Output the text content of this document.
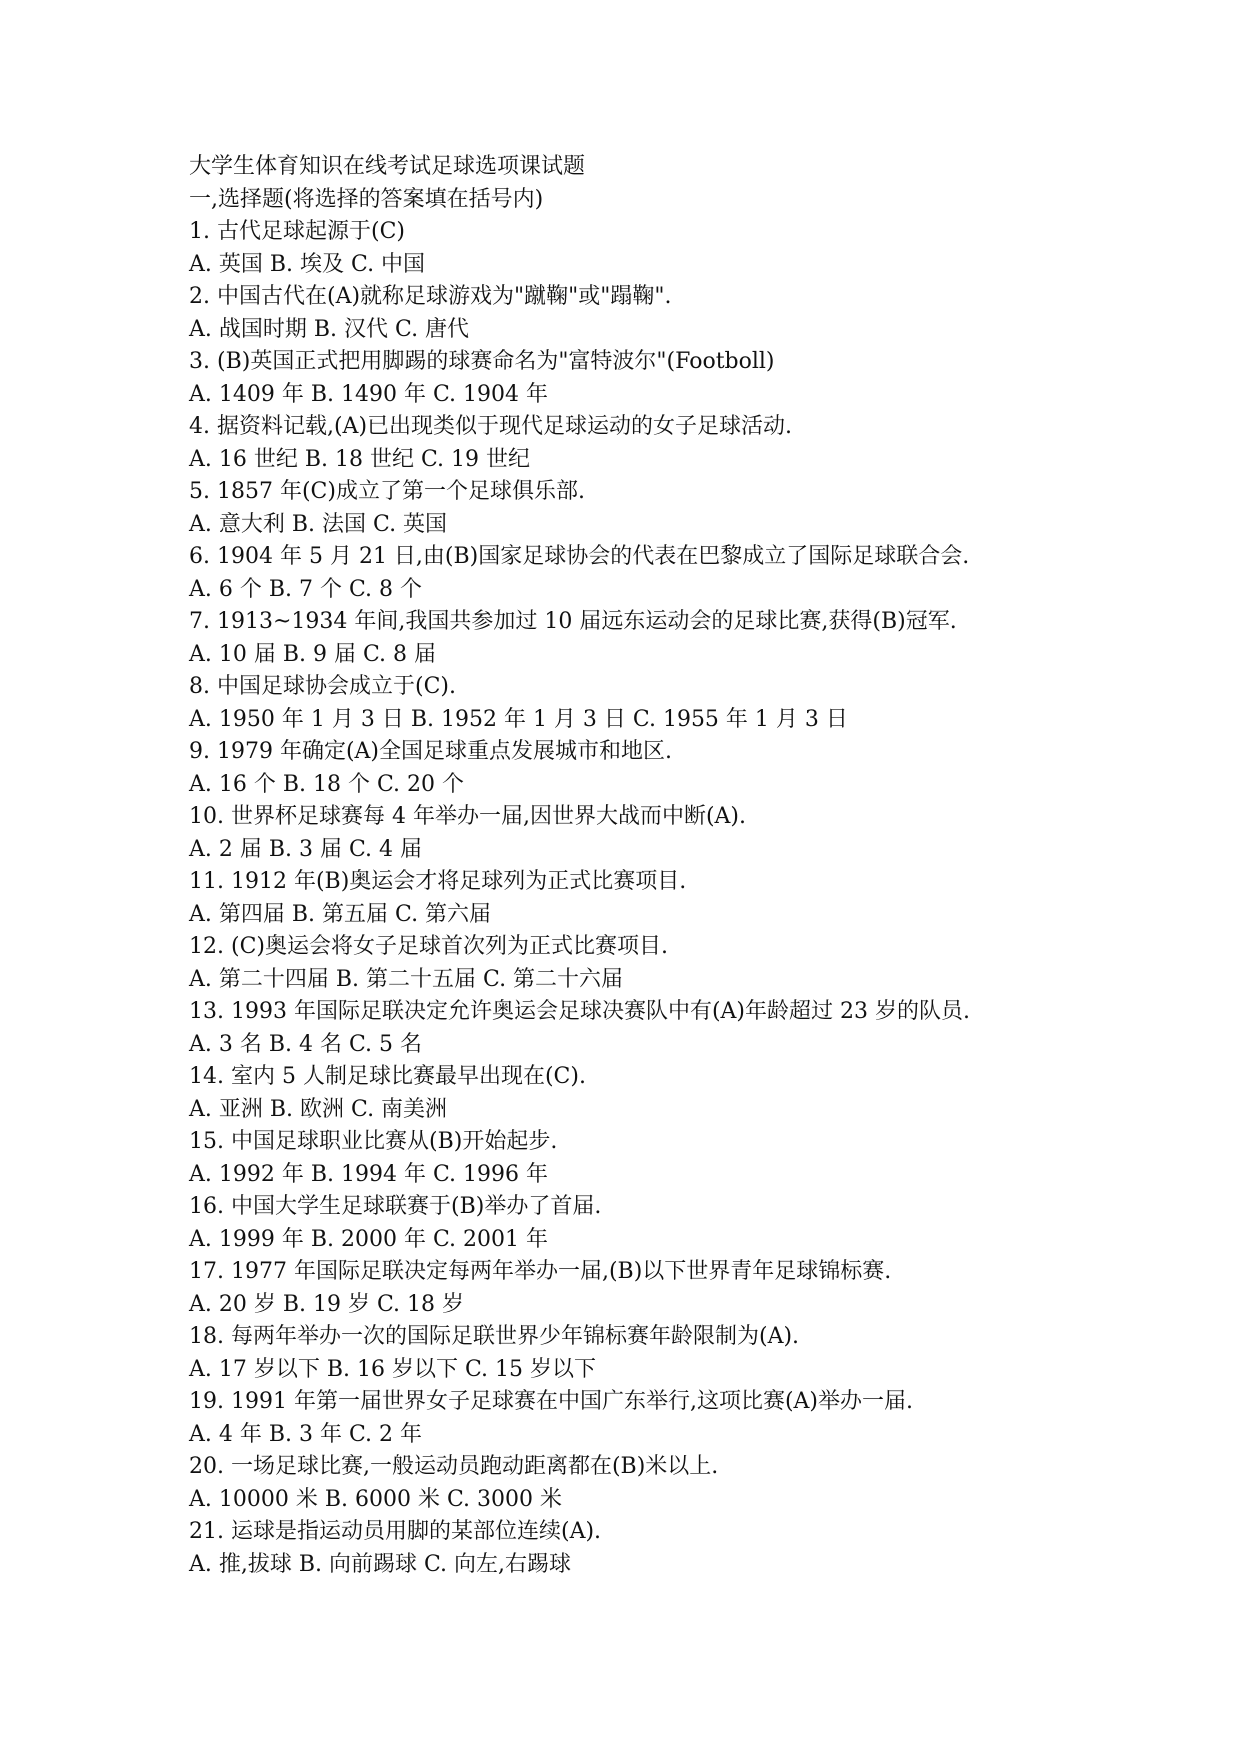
大学生体育知识在线考试足球选项课试题
一,选择题(将选择的答案填在括号内)
1. 古代足球起源于(C)
A. 英国 B. 埃及 C. 中国
2. 中国古代在(A)就称足球游戏为"蹴鞠"或"蹋鞠".
A. 战国时期 B. 汉代 C. 唐代
3. (B)英国正式把用脚踢的球赛命名为"富特波尔"(Footboll)
A. 1409 年 B. 1490 年 C. 1904 年
4. 据资料记载,(A)已出现类似于现代足球运动的女子足球活动.
A. 16 世纪 B. 18 世纪 C. 19 世纪
5. 1857 年(C)成立了第一个足球俱乐部.
A. 意大利 B. 法国 C. 英国
6. 1904 年 5 月 21 日,由(B)国家足球协会的代表在巴黎成立了国际足球联合会.
A. 6 个 B. 7 个 C. 8 个
7. 1913~1934 年间,我国共参加过 10 届远东运动会的足球比赛,获得(B)冠军.
A. 10 届 B. 9 届 C. 8 届
8. 中国足球协会成立于(C).
A. 1950 年 1 月 3 日 B. 1952 年 1 月 3 日 C. 1955 年 1 月 3 日
9. 1979 年确定(A)全国足球重点发展城市和地区.
A. 16 个 B. 18 个 C. 20 个
10. 世界杯足球赛每 4 年举办一届,因世界大战而中断(A).
A. 2 届 B. 3 届 C. 4 届
11. 1912 年(B)奥运会才将足球列为正式比赛项目.
A. 第四届 B. 第五届 C. 第六届
12. (C)奥运会将女子足球首次列为正式比赛项目.
A. 第二十四届 B. 第二十五届 C. 第二十六届
13. 1993 年国际足联决定允许奥运会足球决赛队中有(A)年龄超过 23 岁的队员.
A. 3 名 B. 4 名 C. 5 名
14. 室内 5 人制足球比赛最早出现在(C).
A. 亚洲 B. 欧洲 C. 南美洲
15. 中国足球职业比赛从(B)开始起步.
A. 1992 年 B. 1994 年 C. 1996 年
16. 中国大学生足球联赛于(B)举办了首届.
A. 1999 年 B. 2000 年 C. 2001 年
17. 1977 年国际足联决定每两年举办一届,(B)以下世界青年足球锦标赛.
A. 20 岁 B. 19 岁 C. 18 岁
18. 每两年举办一次的国际足联世界少年锦标赛年龄限制为(A).
A. 17 岁以下 B. 16 岁以下 C. 15 岁以下
19. 1991 年第一届世界女子足球赛在中国广东举行,这项比赛(A)举办一届.
A. 4 年 B. 3 年 C. 2 年
20. 一场足球比赛,一般运动员跑动距离都在(B)米以上.
A. 10000 米 B. 6000 米 C. 3000 米
21. 运球是指运动员用脚的某部位连续(A).
A. 推,拔球 B. 向前踢球 C. 向左,右踢球
